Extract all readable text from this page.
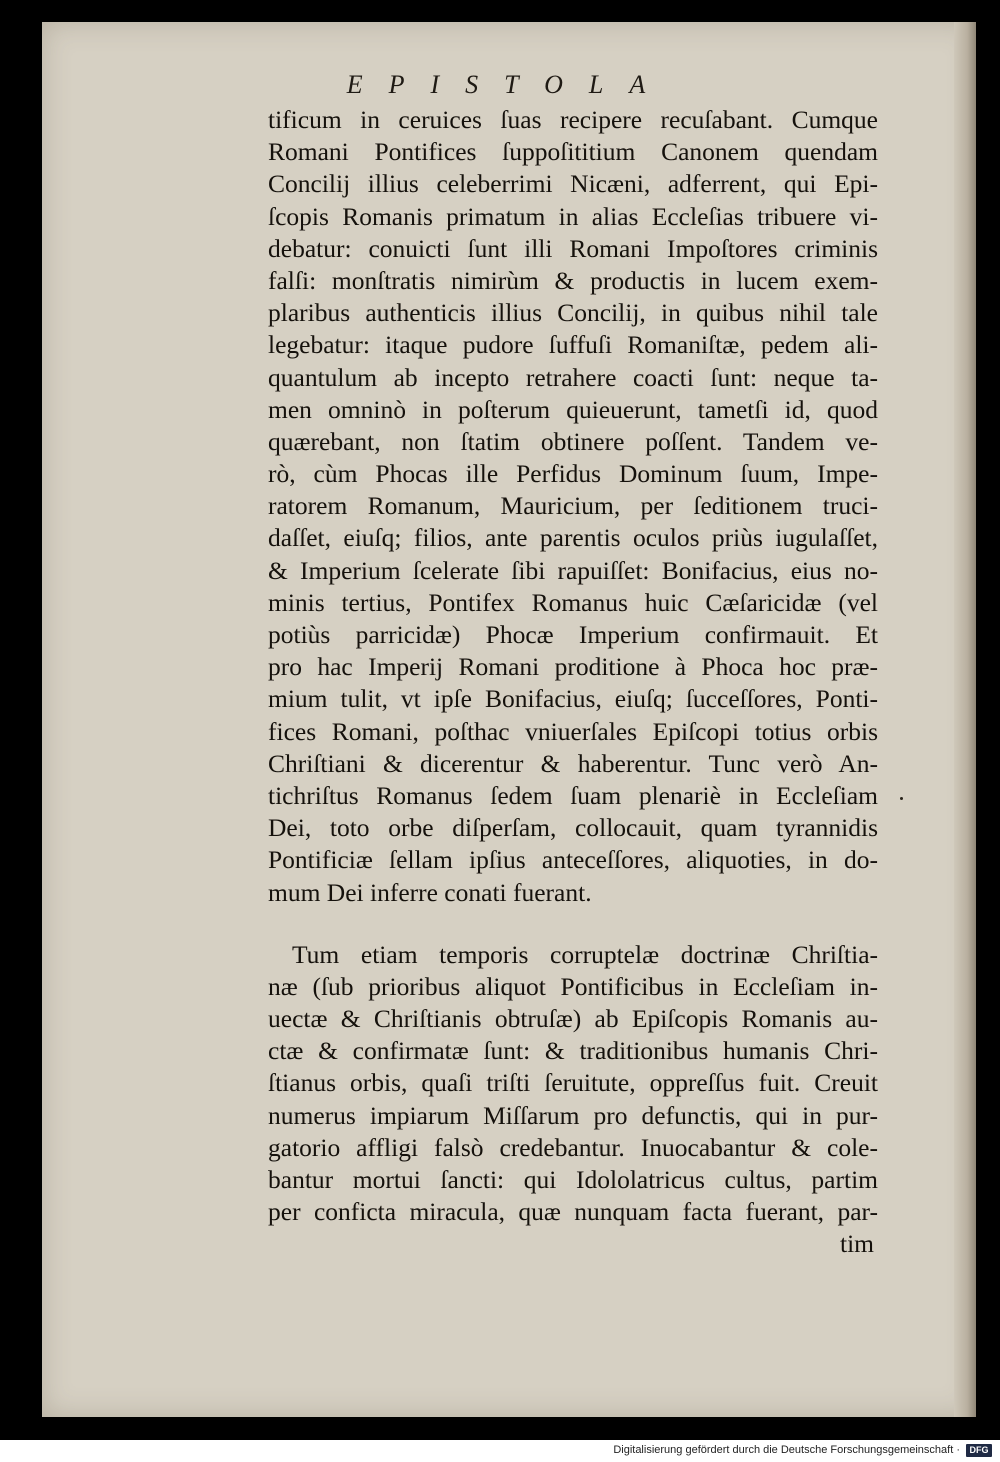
EPISTOLA
tificum in ceruices ſuas recipere recuſabant. Cumque
Romani Pontifices ſuppoſititium Canonem quendam
Concilij illius celeberrimi Nicæni, adferrent, qui Epi-
ſcopis Romanis primatum in alias Eccleſias tribuere vi-
debatur: conuicti ſunt illi Romani Impoſtores criminis
falſi: monſtratis nimirùm & productis in lucem exem-
plaribus authenticis illius Concilij, in quibus nihil tale
legebatur: itaque pudore ſuffuſi Romaniſtæ, pedem ali-
quantulum ab incepto retrahere coacti ſunt: neque ta-
men omninò in poſterum quieuerunt, tametſi id, quod
quærebant, non ſtatim obtinere poſſent. Tandem ve-
rò, cùm Phocas ille Perfidus Dominum ſuum, Impe-
ratorem Romanum, Mauricium, per ſeditionem truci-
daſſet, eiuſq; filios, ante parentis oculos priùs iugulaſſet,
& Imperium ſcelerate ſibi rapuiſſet: Bonifacius, eius no-
minis tertius, Pontifex Romanus huic Cæſaricidæ (vel
potiùs parricidæ) Phocæ Imperium confirmauit. Et
pro hac Imperij Romani proditione à Phoca hoc præ-
mium tulit, vt ipſe Bonifacius, eiuſq; ſucceſſores, Ponti-
fices Romani, poſthac vniuerſales Epiſcopi totius orbis
Chriſtiani & dicerentur & haberentur. Tunc verò An-
tichriſtus Romanus ſedem ſuam plenariè in Eccleſiam
Dei, toto orbe diſperſam, collocauit, quam tyrannidis
Pontificiæ ſellam ipſius anteceſſores, aliquoties, in do-
mum Dei inferre conati fuerant.
Tum etiam temporis corruptelæ doctrinæ Chriſtia-
næ (ſub prioribus aliquot Pontificibus in Eccleſiam in-
uectæ & Chriſtianis obtruſæ) ab Epiſcopis Romanis au-
ctæ & confirmatæ ſunt: & traditionibus humanis Chri-
ſtianus orbis, quaſi triſti ſeruitute, oppreſſus fuit. Creuit
numerus impiarum Miſſarum pro defunctis, qui in pur-
gatorio affligi falsò credebantur. Inuocabantur & cole-
bantur mortui ſancti: qui Idololatricus cultus, partim
per conficta miracula, quæ nunquam facta fuerant, par-
tim
Digitalisierung gefördert durch die Deutsche Forschungsgemeinschaft ·	DFG
